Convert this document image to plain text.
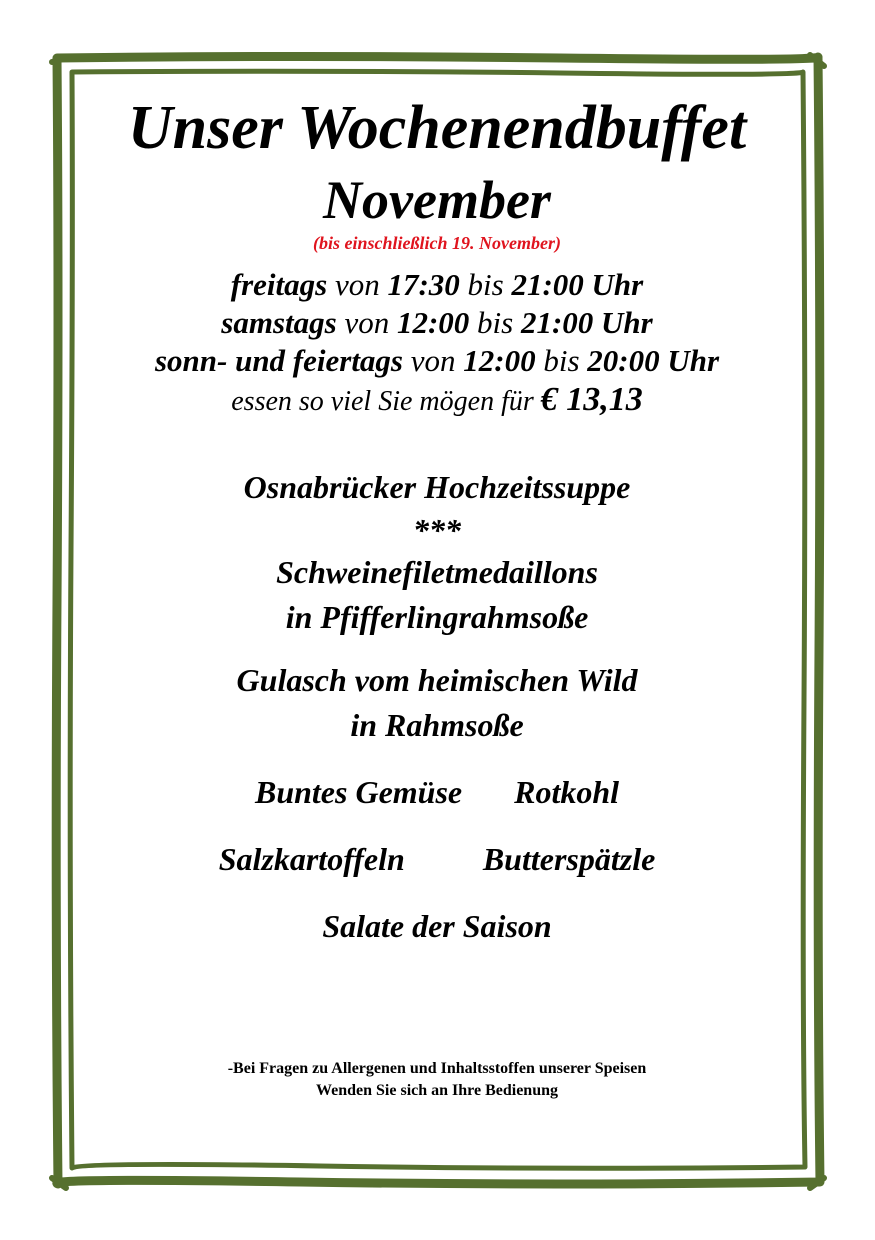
Unser Wochenendbuffet
November
(bis einschließlich 19. November)
freitags von 17:30 bis 21:00 Uhr
samstags von 12:00 bis 21:00 Uhr
sonn- und feiertags von 12:00 bis 20:00 Uhr
essen so viel Sie mögen für € 13,13
Osnabrücker Hochzeitssuppe
***
Schweinefiletmedaillons
in Pfifferlingrahmsoße
Gulasch vom heimischen Wild
in Rahmsoße
Buntes Gemüse Rotkohl
Salzkartoffeln Butterspätzle
Salate der Saison
-Bei Fragen zu Allergenen und Inhaltsstoffen unserer Speisen
Wenden Sie sich an Ihre Bedienung
